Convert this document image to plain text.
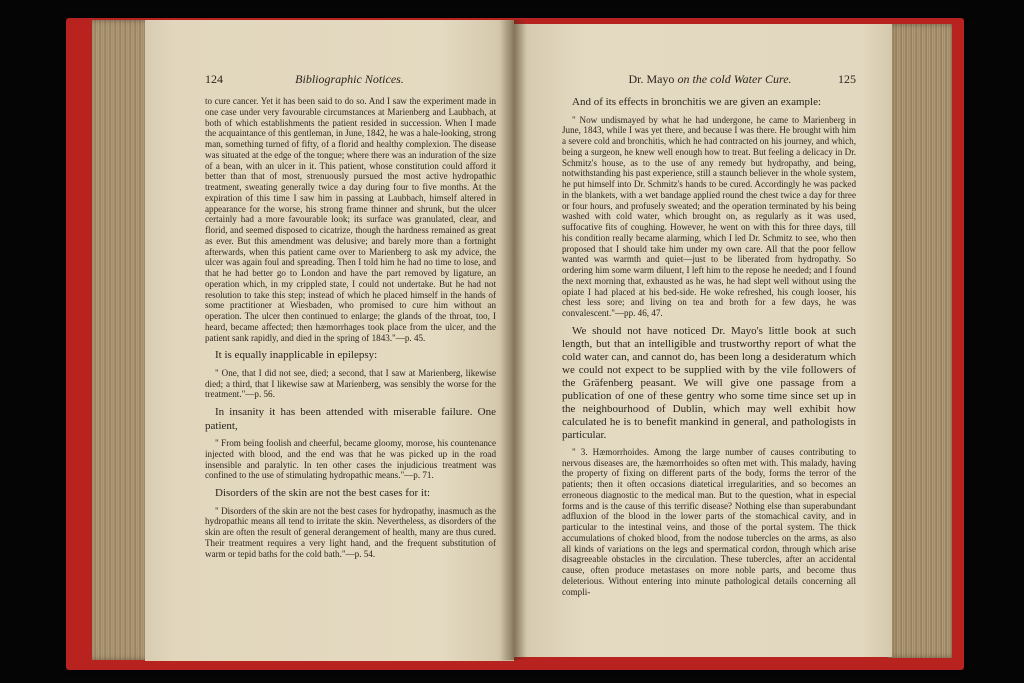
124	Bibliographic Notices.

to cure cancer. Yet it has been said to do so. And I saw the experiment made in one case under very favourable circumstances at Marienberg and Laubbach, at both of which establishments the patient resided in succession. When I made the acquaintance of this gentleman, in June, 1842, he was a hale-looking, strong man, something turned of fifty, of a florid and healthy complexion. The disease was situated at the edge of the tongue; where there was an induration of the size of a bean, with an ulcer in it. This patient, whose constitution could afford it better than that of most, strenuously pursued the most active hydropathic treatment, sweating generally twice a day during four to five months. At the expiration of this time I saw him in passing at Laubbach, himself altered in appearance for the worse, his strong frame thinner and shrunk, but the ulcer certainly had a more favourable look; its surface was granulated, clear, and florid, and seemed disposed to cicatrize, though the hardness remained as great as ever. But this amendment was delusive; and barely more than a fortnight afterwards, when this patient came over to Marienberg to ask my advice, the ulcer was again foul and spreading. Then I told him he had no time to lose, and that he had better go to London and have the part removed by ligature, an operation which, in my crippled state, I could not undertake. But he had not resolution to take this step; instead of which he placed himself in the hands of some practitioner at Wiesbaden, who promised to cure him without an operation. The ulcer then continued to enlarge; the glands of the throat, too, I heard, became affected; then hæmorrhages took place from the ulcer, and the patient sank rapidly, and died in the spring of 1843."—p. 45.

It is equally inapplicable in epilepsy:

" One, that I did not see, died; a second, that I saw at Marienberg, likewise died; a third, that I likewise saw at Marienberg, was sensibly the worse for the treatment."—p. 56.

In insanity it has been attended with miserable failure. One patient,

" From being foolish and cheerful, became gloomy, morose, his countenance injected with blood, and the end was that he was picked up in the road insensible and paralytic. In ten other cases the injudicious treatment was confined to the use of stimulating hydropathic means."—p. 71.

Disorders of the skin are not the best cases for it:

" Disorders of the skin are not the best cases for hydropathy, inasmuch as the hydropathic means all tend to irritate the skin. Nevertheless, as disorders of the skin are often the result of general derangement of health, many are thus cured. Their treatment requires a very light hand, and the frequent substitution of warm or tepid baths for the cold bath."—p. 54.

Dr. Mayo on the cold Water Cure.	125

And of its effects in bronchitis we are given an example:

" Now undismayed by what he had undergone, he came to Marienberg in June, 1843, while I was yet there, and because I was there. He brought with him a severe cold and bronchitis, which he had contracted on his journey, and which, being a surgeon, he knew well enough how to treat. But feeling a delicacy in Dr. Schmitz's house, as to the use of any remedy but hydropathy, and being, notwithstanding his past experience, still a staunch believer in the whole system, he put himself into Dr. Schmitz's hands to be cured. Accordingly he was packed in the blankets, with a wet bandage applied round the chest twice a day for three or four hours, and profusely sweated; and the operation terminated by his being washed with cold water, which brought on, as regularly as it was used, suffocative fits of coughing. However, he went on with this for three days, till his condition really became alarming, which I led Dr. Schmitz to see, who then proposed that I should take him under my own care. All that the poor fellow wanted was warmth and quiet—just to be liberated from hydropathy. So ordering him some warm diluent, I left him to the repose he needed; and I found the next morning that, exhausted as he was, he had slept well without using the opiate I had placed at his bed-side. He woke refreshed, his cough looser, his chest less sore; and living on tea and broth for a few days, he was convalescent."—pp. 46, 47.

We should not have noticed Dr. Mayo's little book at such length, but that an intelligible and trustworthy report of what the cold water can, and cannot do, has been long a desideratum which we could not expect to be supplied with by the vile followers of the Gräfenberg peasant. We will give one passage from a publication of one of these gentry who some time since set up in the neighbourhood of Dublin, which may well exhibit how calculated he is to benefit mankind in general, and pathologists in particular.

" 3. Hæmorrhoides. Among the large number of causes contributing to nervous diseases are, the hæmorrhoides so often met with. This malady, having the property of fixing on different parts of the body, forms the terror of the patients; then it often occasions diatetical irregularities, and so becomes an erroneous diagnostic to the medical man. But to the question, what in especial forms and is the cause of this terrific disease? Nothing else than superabundant adfluxion of the blood in the lower parts of the stomachical cavity, and in particular to the intestinal veins, and those of the portal system. The thick accumulations of choked blood, from the nodose tubercles on the arms, as also all kinds of variations on the legs and spermatical cordon, through which arise disagreeable obstacles in the circulation. These tubercles, after an accidental cause, often produce metastases on more noble parts, and become thus deleterious. Without entering into minute pathological details concerning all compli-
